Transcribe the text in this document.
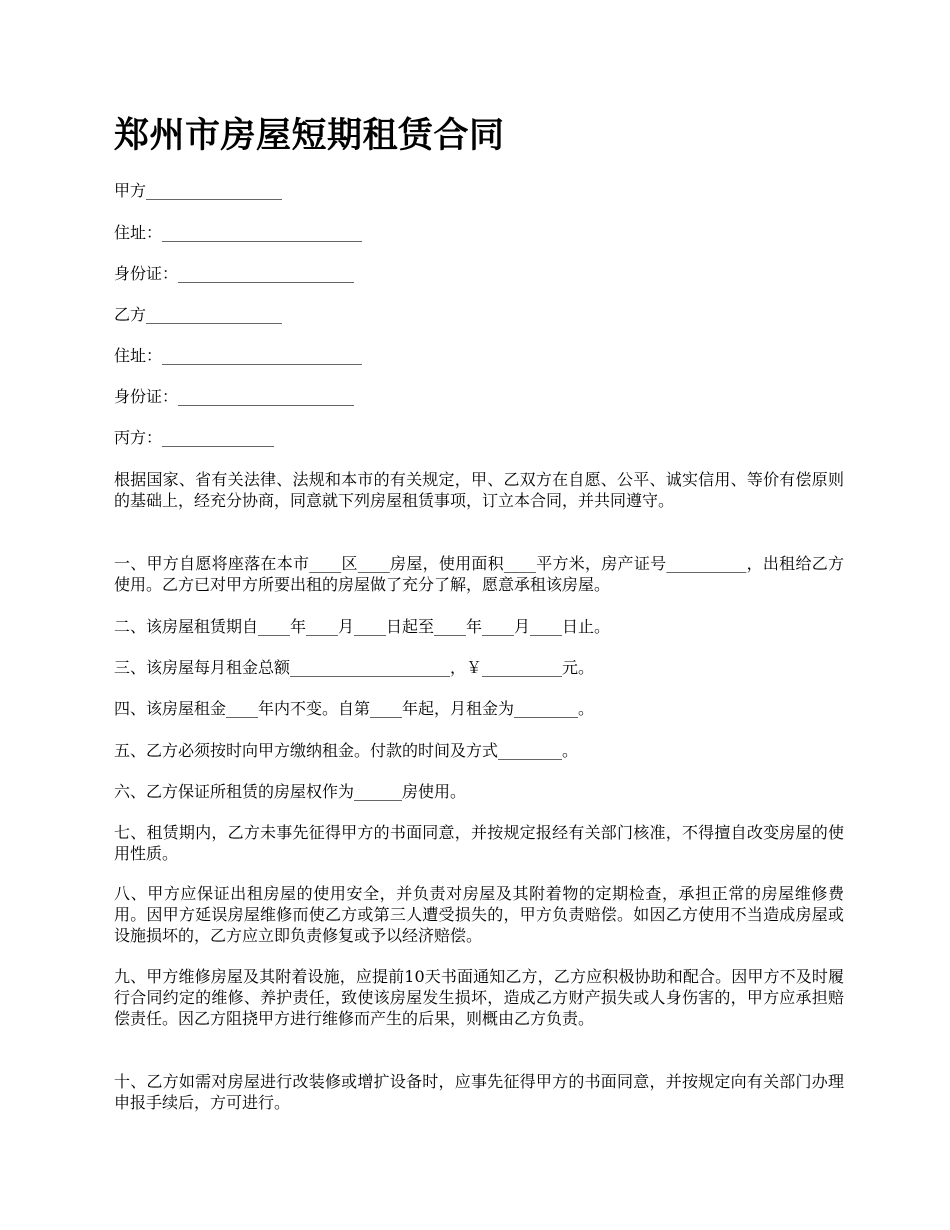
郑州市房屋短期租赁合同
甲方_________________
住址：_________________________
身份证：______________________
乙方_________________
住址：_________________________
身份证：______________________
丙方：______________

根据国家、省有关法律、法规和本市的有关规定，甲、乙双方在自愿、公平、诚实信用、等价有偿原则的基础上，经充分协商，同意就下列房屋租赁事项，订立本合同，并共同遵守。

一、甲方自愿将座落在本市____区____房屋，使用面积____平方米，房产证号__________，出租给乙方使用。乙方已对甲方所要出租的房屋做了充分了解，愿意承租该房屋。

二、该房屋租赁期自____年____月____日起至____年____月____日止。

三、该房屋每月租金总额____________________，￥__________元。

四、该房屋租金____年内不变。自第____年起，月租金为________。

五、乙方必须按时向甲方缴纳租金。付款的时间及方式________。

六、乙方保证所租赁的房屋权作为______房使用。

七、租赁期内，乙方未事先征得甲方的书面同意，并按规定报经有关部门核准，不得擅自改变房屋的使用性质。

八、甲方应保证出租房屋的使用安全，并负责对房屋及其附着物的定期检查，承担正常的房屋维修费用。因甲方延误房屋维修而使乙方或第三人遭受损失的，甲方负责赔偿。如因乙方使用不当造成房屋或设施损坏的，乙方应立即负责修复或予以经济赔偿。

九、甲方维修房屋及其附着设施，应提前10天书面通知乙方，乙方应积极协助和配合。因甲方不及时履行合同约定的维修、养护责任，致使该房屋发生损坏，造成乙方财产损失或人身伤害的，甲方应承担赔偿责任。因乙方阻挠甲方进行维修而产生的后果，则概由乙方负责。

十、乙方如需对房屋进行改装修或增扩设备时，应事先征得甲方的书面同意，并按规定向有关部门办理申报手续后，方可进行。
